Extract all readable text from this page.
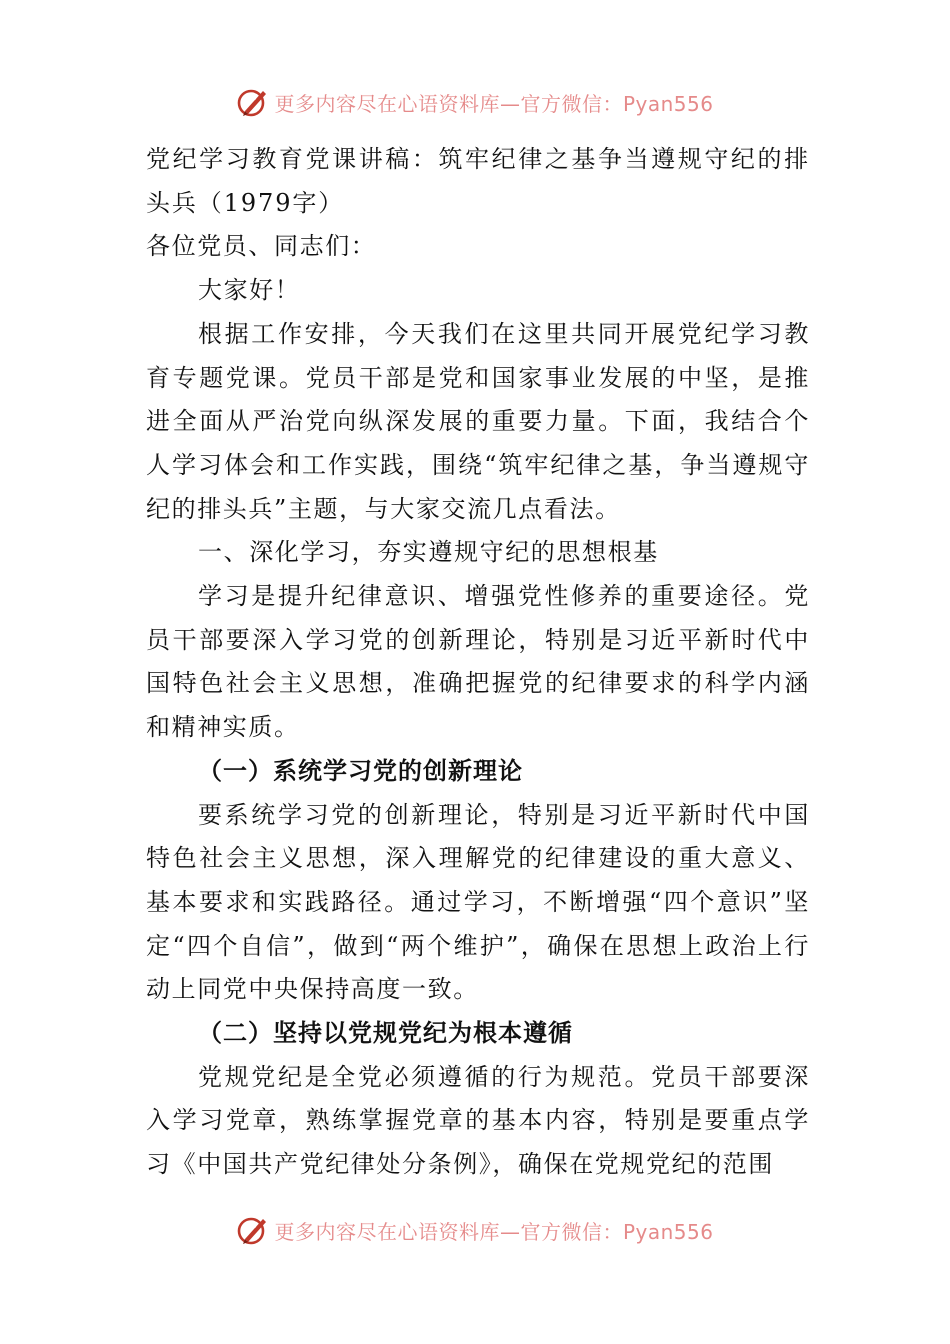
更多内容尽在心语资料库—官方微信：Pyan556

党纪学习教育党课讲稿：筑牢纪律之基争当遵规守纪的排头兵（1979字）

各位党员、同志们：

大家好！

根据工作安排，今天我们在这里共同开展党纪学习教育专题党课。党员干部是党和国家事业发展的中坚，是推进全面从严治党向纵深发展的重要力量。下面，我结合个人学习体会和工作实践，围绕“筑牢纪律之基，争当遵规守纪的排头兵”主题，与大家交流几点看法。

一、深化学习，夯实遵规守纪的思想根基

学习是提升纪律意识、增强党性修养的重要途径。党员干部要深入学习党的创新理论，特别是习近平新时代中国特色社会主义思想，准确把握党的纪律要求的科学内涵和精神实质。

（一）系统学习党的创新理论

要系统学习党的创新理论，特别是习近平新时代中国特色社会主义思想，深入理解党的纪律建设的重大意义、基本要求和实践路径。通过学习，不断增强“四个意识”坚定“四个自信”，做到“两个维护”，确保在思想上政治上行动上同党中央保持高度一致。

（二）坚持以党规党纪为根本遵循

党规党纪是全党必须遵循的行为规范。党员干部要深入学习党章，熟练掌握党章的基本内容，特别是要重点学习《中国共产党纪律处分条例》，确保在党规党纪的范围

更多内容尽在心语资料库—官方微信：Pyan556
